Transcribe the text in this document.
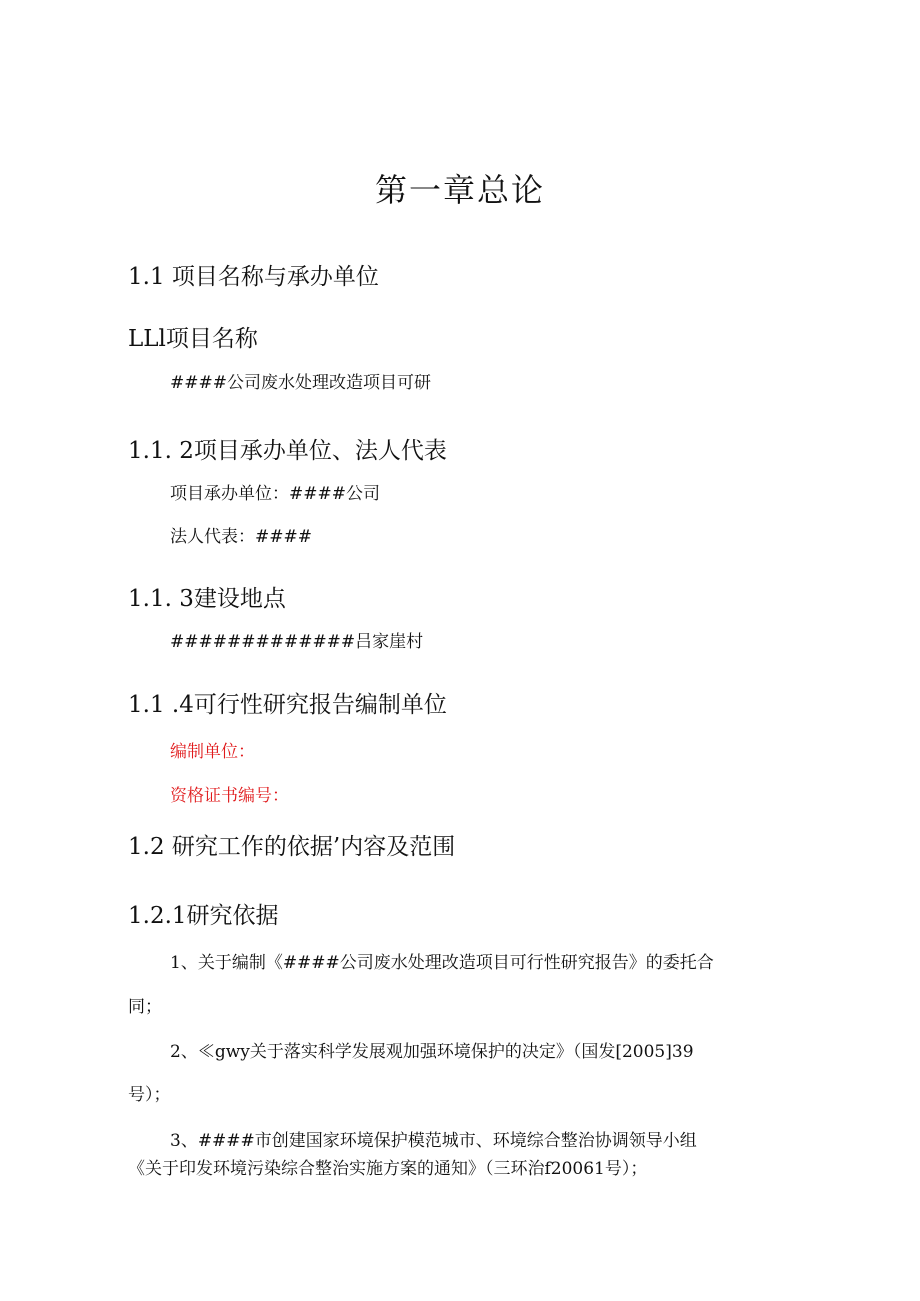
第一章总论
1.1 项目名称与承办单位
LLl项目名称
####公司废水处理改造项目可研
1.1. 2项目承办单位、法人代表
项目承办单位：####公司
法人代表：####
1.1. 3建设地点
#############吕家崖村
1.1 .4可行性研究报告编制单位
编制单位：
资格证书编号：
1.2 研究工作的依据’内容及范围
1.2.1研究依据
1、关于编制《####公司废水处理改造项目可行性研究报告》的委托合
同；
2、≪gwy关于落实科学发展观加强环境保护的决定》（国发[2005]39
号）；
3、####市创建国家环境保护模范城市、环境综合整治协调领导小组
《关于印发环境污染综合整治实施方案的通知》（三环治f20061号）；
